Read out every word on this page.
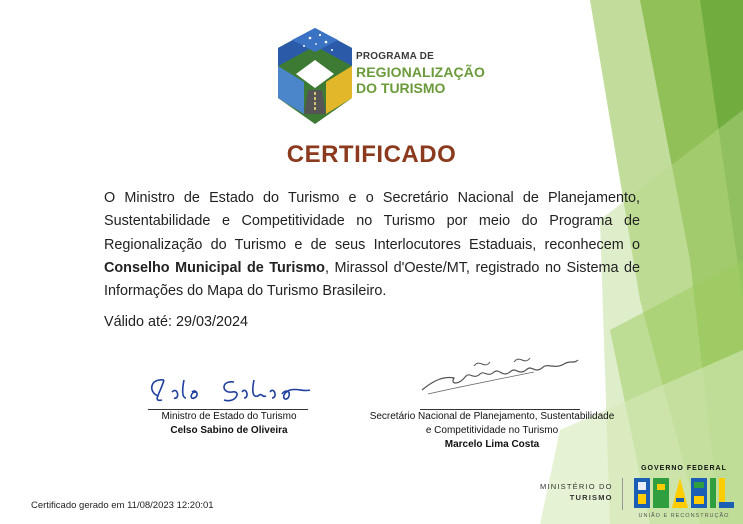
PROGRAMA DE
REGIONALIZAÇÃO
DO TURISMO
CERTIFICADO
O Ministro de Estado do Turismo e o Secretário Nacional de Planejamento, Sustentabilidade e Competitividade no Turismo por meio do Programa de Regionalização do Turismo e de seus Interlocutores Estaduais, reconhecem o Conselho Municipal de Turismo, Mirassol d'Oeste/MT, registrado no Sistema de Informações do Mapa do Turismo Brasileiro.
Válido até: 29/03/2024
Ministro de Estado do Turismo
Celso Sabino de Oliveira
Secretário Nacional de Planejamento, Sustentabilidade
e Competitividade no Turismo
Marcelo Lima Costa
Certificado gerado em 11/08/2023 12:20:01
MINISTÉRIO DO
TURISMO
GOVERNO FEDERAL
UNIÃO E RECONSTRUÇÃO
